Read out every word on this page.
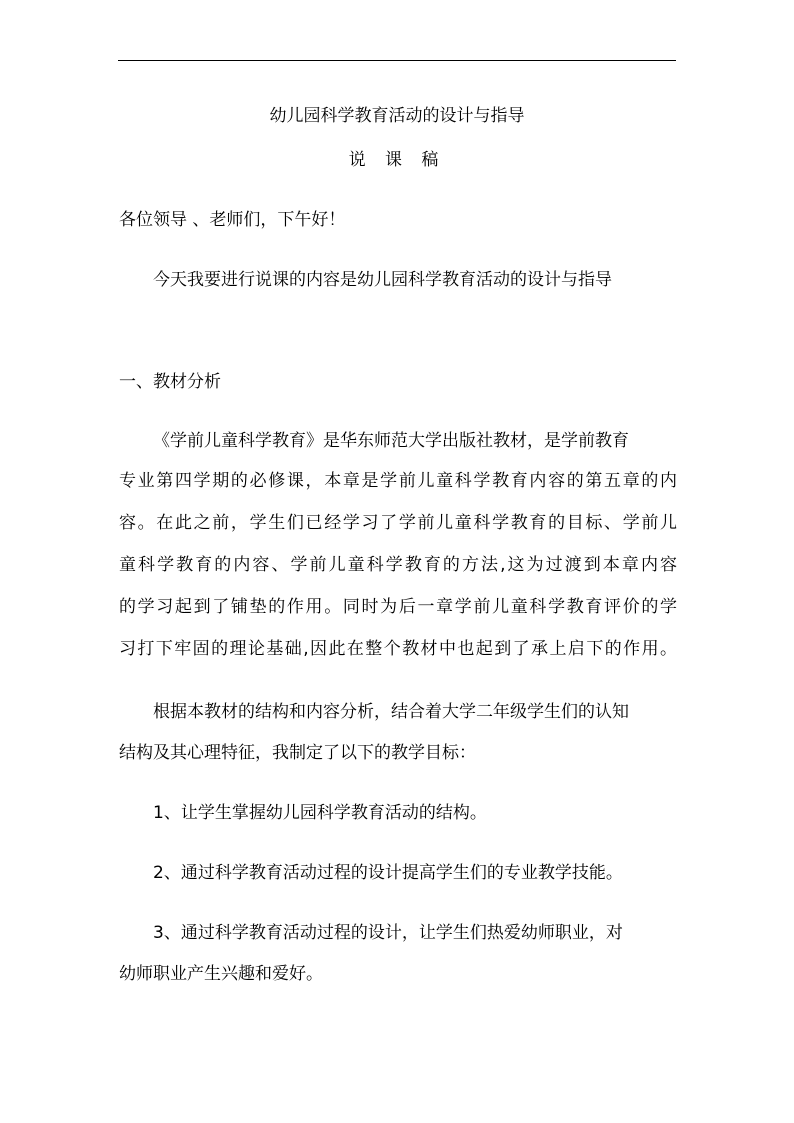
幼儿园科学教育活动的设计与指导
说 课 稿
各位领导 、老师们，下午好！
今天我要进行说课的内容是幼儿园科学教育活动的设计与指导
一、教材分析
《学前儿童科学教育》是华东师范大学出版社教材，是学前教育
专业第四学期的必修课，本章是学前儿童科学教育内容的第五章的内
容。在此之前，学生们已经学习了学前儿童科学教育的目标、学前儿
童科学教育的内容、学前儿童科学教育的方法,这为过渡到本章内容
的学习起到了铺垫的作用。同时为后一章学前儿童科学教育评价的学
习打下牢固的理论基础,因此在整个教材中也起到了承上启下的作用。
根据本教材的结构和内容分析，结合着大学二年级学生们的认知
结构及其心理特征，我制定了以下的教学目标：
1、让学生掌握幼儿园科学教育活动的结构。
2、通过科学教育活动过程的设计提高学生们的专业教学技能。
3、通过科学教育活动过程的设计，让学生们热爱幼师职业，对
幼师职业产生兴趣和爱好。
